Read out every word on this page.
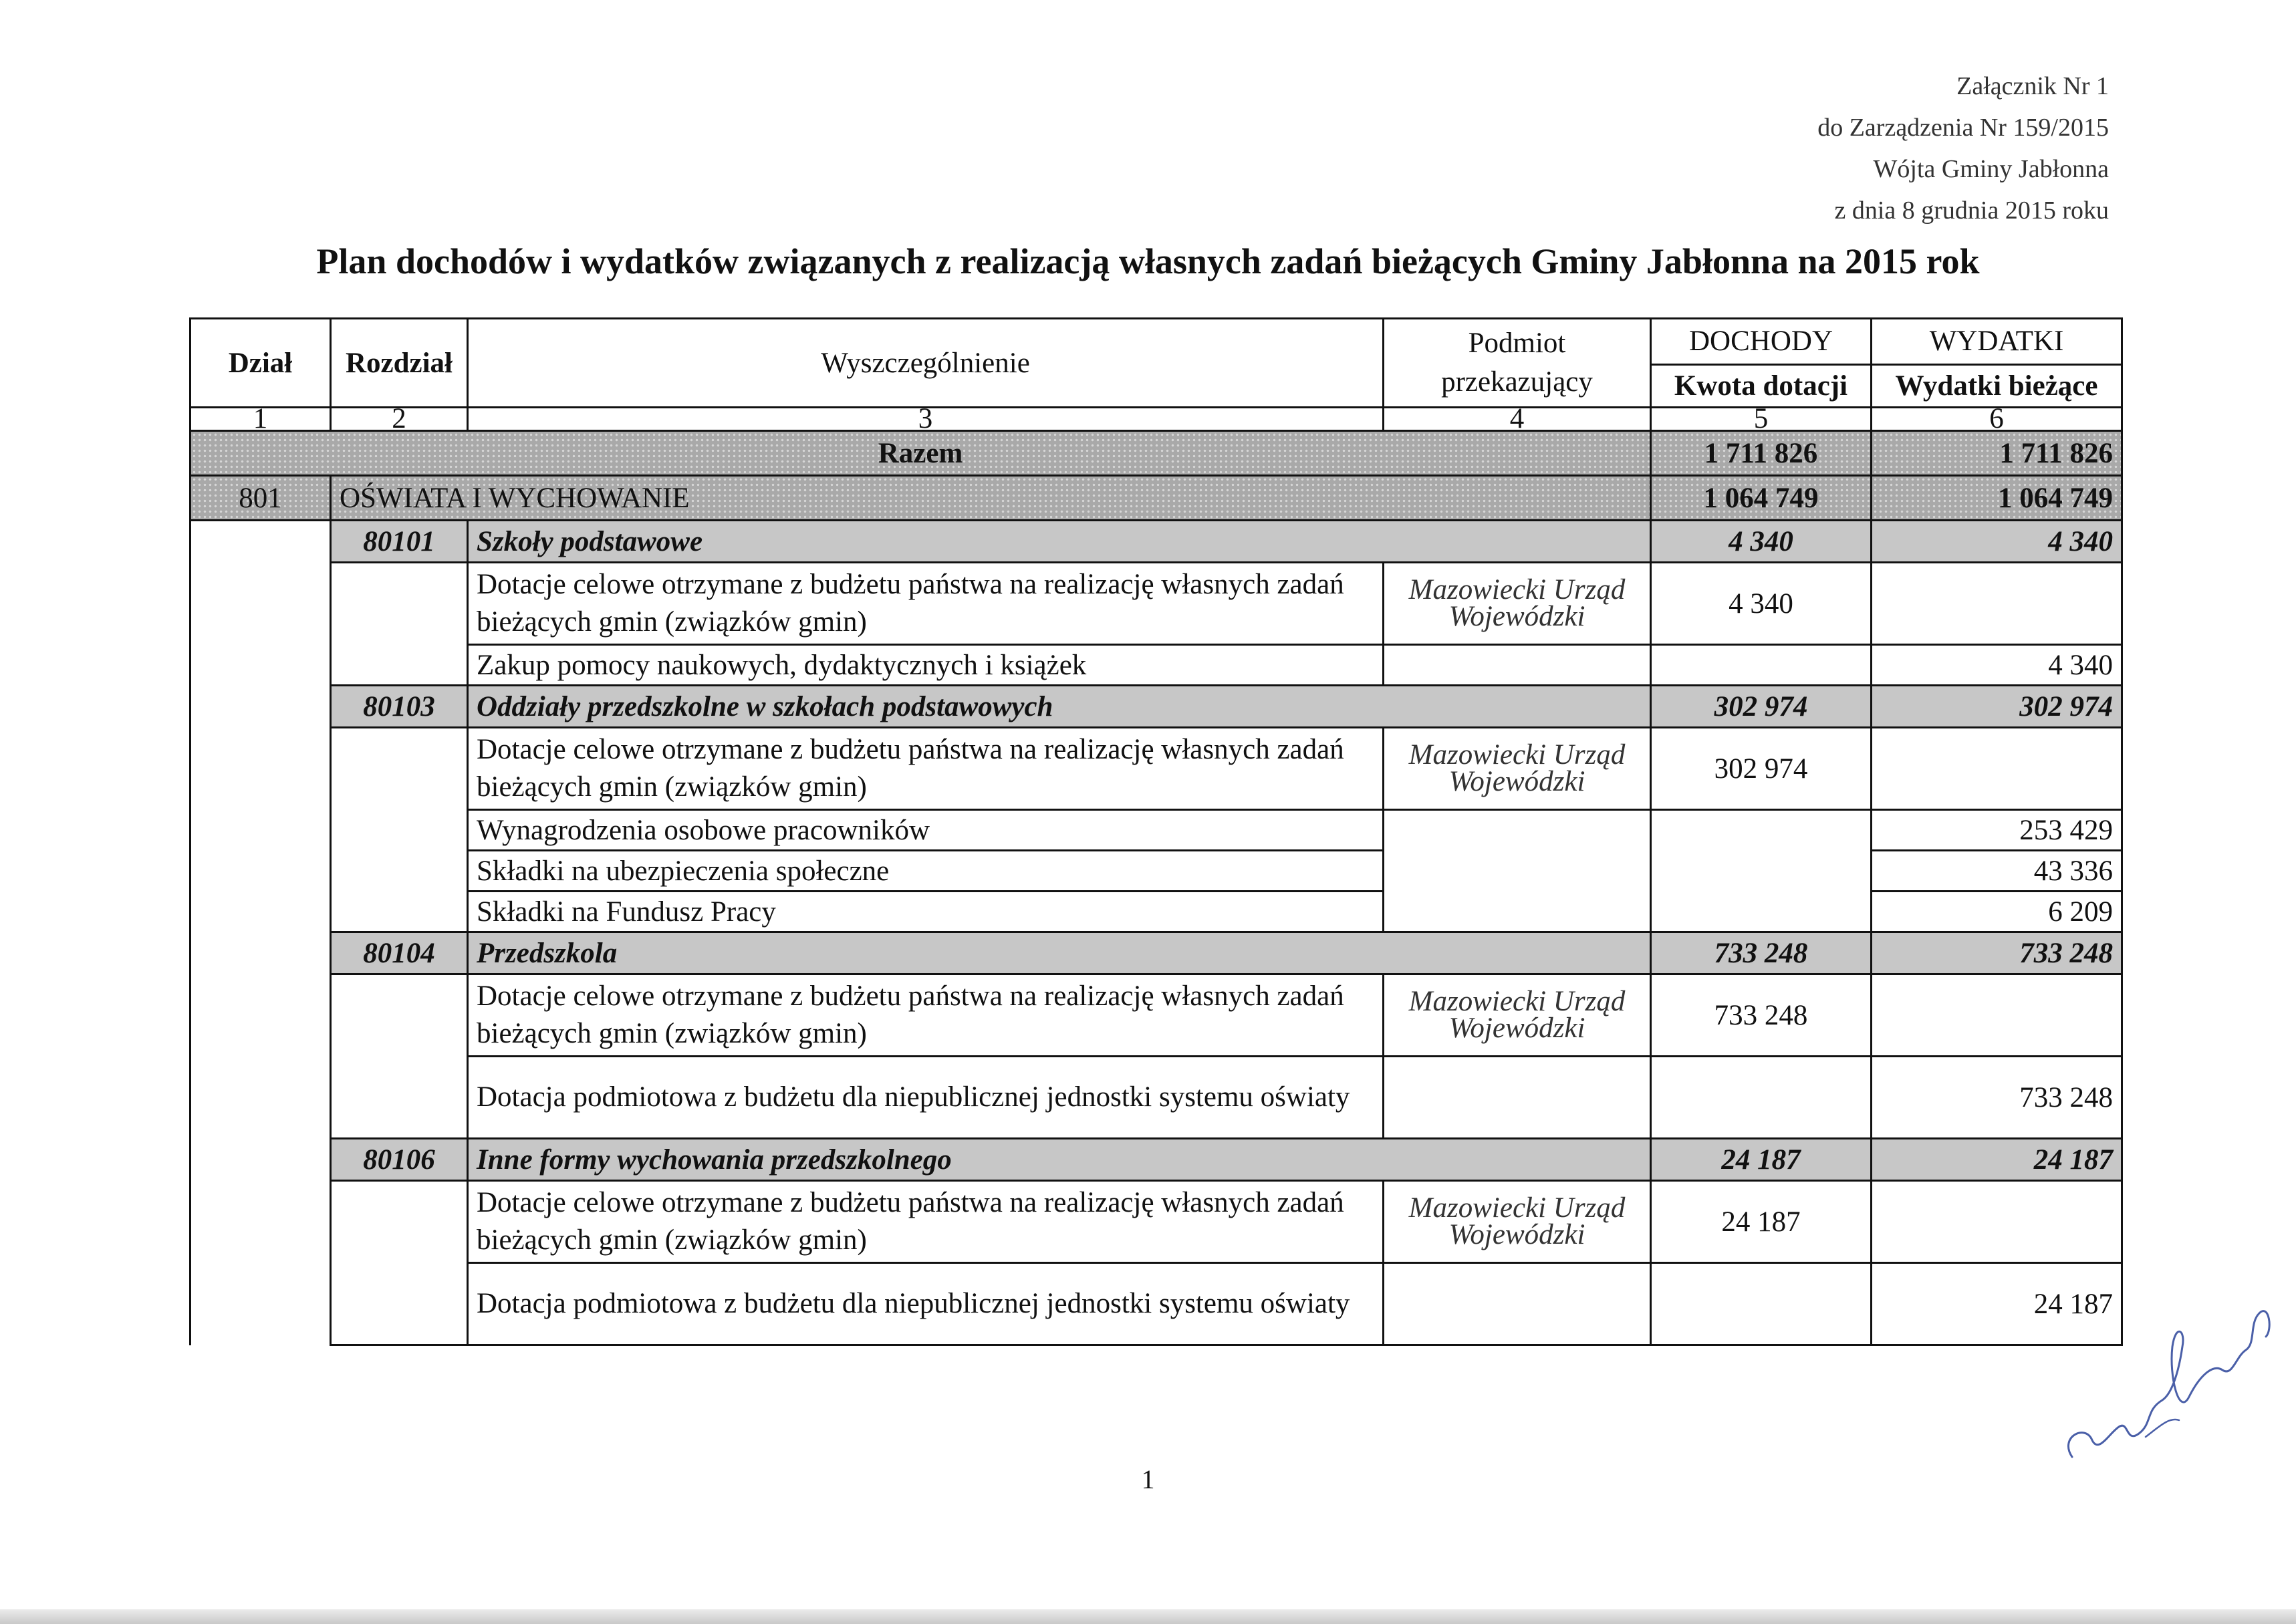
Załącznik Nr 1
do Zarządzenia Nr 159/2015
Wójta Gminy Jabłonna
z dnia 8 grudnia 2015 roku
Plan dochodów i wydatków związanych z realizacją własnych zadań bieżących Gminy Jabłonna na 2015 rok
Dział	Rozdział	Wyszczególnienie	Podmiot przekazujący	DOCHODY	WYDATKI
				Kwota dotacji	Wydatki bieżące
1	2	3	4	5	6
Razem				1 711 826	1 711 826
801	OŚWIATA I WYCHOWANIE			1 064 749	1 064 749
	80101	Szkoły podstawowe		4 340	4 340
		Dotacje celowe otrzymane z budżetu państwa na realizację własnych zadań bieżących gmin (związków gmin)	Mazowiecki Urząd Wojewódzki	4 340	
		Zakup pomocy naukowych, dydaktycznych i książek			4 340
	80103	Oddziały przedszkolne w szkołach podstawowych		302 974	302 974
		Dotacje celowe otrzymane z budżetu państwa na realizację własnych zadań bieżących gmin (związków gmin)	Mazowiecki Urząd Wojewódzki	302 974	
		Wynagrodzenia osobowe pracowników			253 429
		Składki na ubezpieczenia społeczne			43 336
		Składki na Fundusz Pracy			6 209
	80104	Przedszkola		733 248	733 248
		Dotacje celowe otrzymane z budżetu państwa na realizację własnych zadań bieżących gmin (związków gmin)	Mazowiecki Urząd Wojewódzki	733 248	
		Dotacja podmiotowa z budżetu dla niepublicznej jednostki systemu oświaty			733 248
	80106	Inne formy wychowania przedszkolnego		24 187	24 187
		Dotacje celowe otrzymane z budżetu państwa na realizację własnych zadań bieżących gmin (związków gmin)	Mazowiecki Urząd Wojewódzki	24 187	
		Dotacja podmiotowa z budżetu dla niepublicznej jednostki systemu oświaty			24 187
1
